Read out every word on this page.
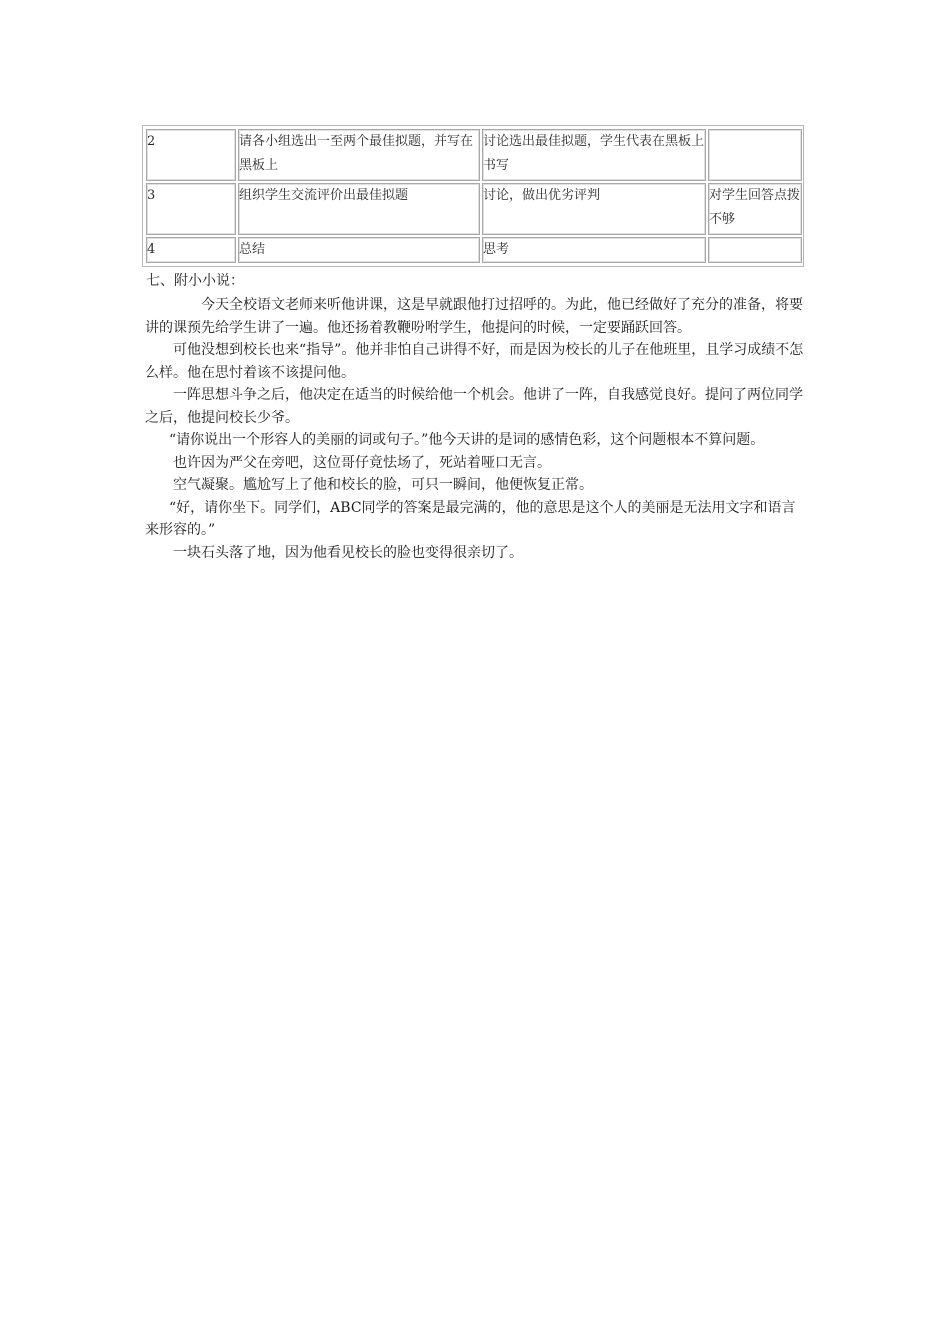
2	请各小组选出一至两个最佳拟题，并写在黑板上	讨论选出最佳拟题，学生代表在黑板上书写	
3	组织学生交流评价出最佳拟题	讨论，做出优劣评判	对学生回答点拨不够
4	总结	思考	
七、附小小说：

今天全校语文老师来听他讲课，这是早就跟他打过招呼的。为此，他已经做好了充分的准备，将要讲的课预先给学生讲了一遍。他还扬着教鞭吩咐学生，他提问的时候，一定要踊跃回答。

可他没想到校长也来“指导”。他并非怕自己讲得不好，而是因为校长的儿子在他班里，且学习成绩不怎么样。他在思忖着该不该提问他。

一阵思想斗争之后，他决定在适当的时候给他一个机会。他讲了一阵，自我感觉良好。提问了两位同学之后，他提问校长少爷。

“请你说出一个形容人的美丽的词或句子。”他今天讲的是词的感情色彩，这个问题根本不算问题。

也许因为严父在旁吧，这位哥仔竟怯场了，死站着哑口无言。

空气凝聚。尴尬写上了他和校长的脸，可只一瞬间，他便恢复正常。

“好，请你坐下。同学们，ABC同学的答案是最完满的，他的意思是这个人的美丽是无法用文字和语言来形容的。”

一块石头落了地，因为他看见校长的脸也变得很亲切了。
